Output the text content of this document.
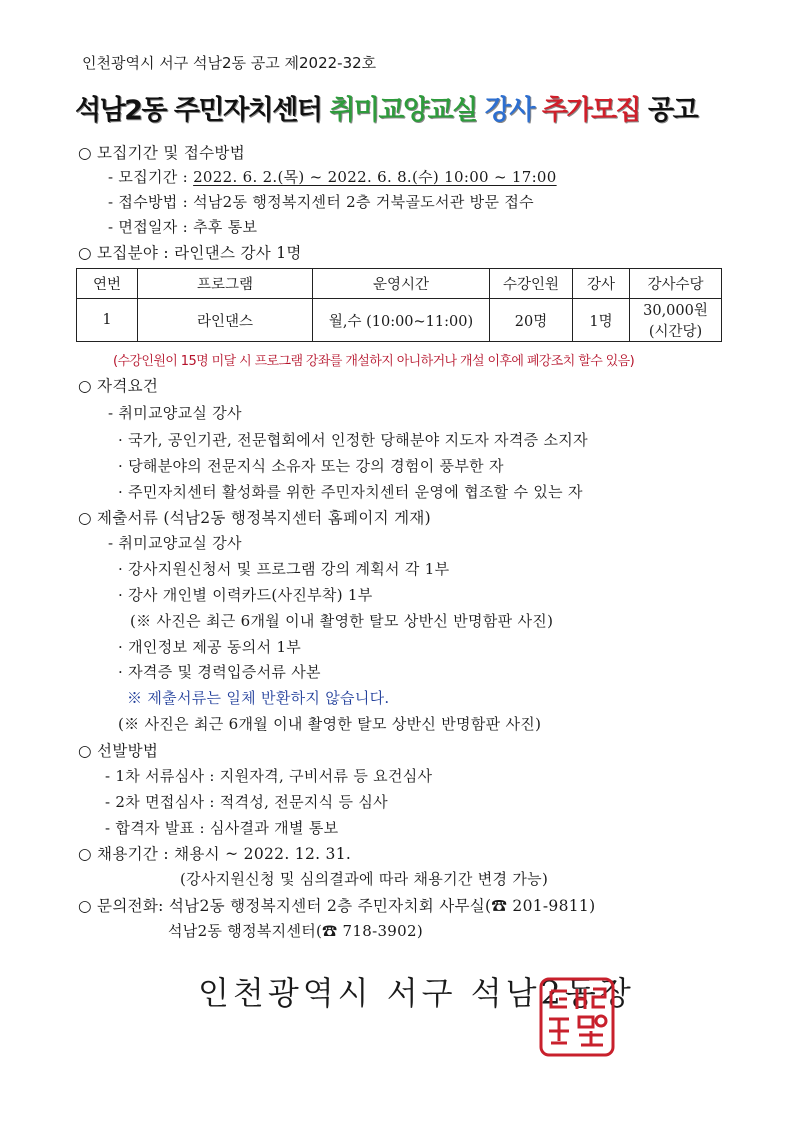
인천광역시 서구 석남2동 공고 제2022-32호
석남2동 주민자치센터 취미교양교실 강사 추가모집 공고
○ 모집기간 및 접수방법
- 모집기간 : 2022. 6. 2.(목) ~ 2022. 6. 8.(수) 10:00 ~ 17:00
- 접수방법 : 석남2동 행정복지센터 2층 거북골도서관 방문 접수
- 면접일자 : 추후 통보
○ 모집분야 : 라인댄스 강사 1명
연번	프로그램	운영시간	수강인원	강사	강사수당
1	라인댄스	월,수 (10:00~11:00)	20명	1명	30,000원
(시간당)
(수강인원이 15명 미달 시 프로그램 강좌를 개설하지 아니하거나 개설 이후에 폐강조치 할수 있음)
○ 자격요건
- 취미교양교실 강사
· 국가, 공인기관, 전문협회에서 인정한 당해분야 지도자 자격증 소지자
· 당해분야의 전문지식 소유자 또는 강의 경험이 풍부한 자
· 주민자치센터 활성화를 위한 주민자치센터 운영에 협조할 수 있는 자
○ 제출서류 (석남2동 행정복지센터 홈페이지 게재)
- 취미교양교실 강사
· 강사지원신청서 및 프로그램 강의 계획서 각 1부
· 강사 개인별 이력카드(사진부착) 1부
(※ 사진은 최근 6개월 이내 촬영한 탈모 상반신 반명함판 사진)
· 개인정보 제공 동의서 1부
· 자격증 및 경력입증서류 사본
※ 제출서류는 일체 반환하지 않습니다.
(※ 사진은 최근 6개월 이내 촬영한 탈모 상반신 반명함판 사진)
○ 선발방법
- 1차 서류심사 : 지원자격, 구비서류 등 요건심사
- 2차 면접심사 : 적격성, 전문지식 등 심사
- 합격자 발표 : 심사결과 개별 통보
○ 채용기간 : 채용시 ~ 2022. 12. 31.
(강사지원신청 및 심의결과에 따라 채용기간 변경 가능)
○ 문의전화: 석남2동 행정복지센터 2층 주민자치회 사무실(☎ 201-9811)
석남2동 행정복지센터(☎ 718-3902)
인천광역시 서구 석남2동장
